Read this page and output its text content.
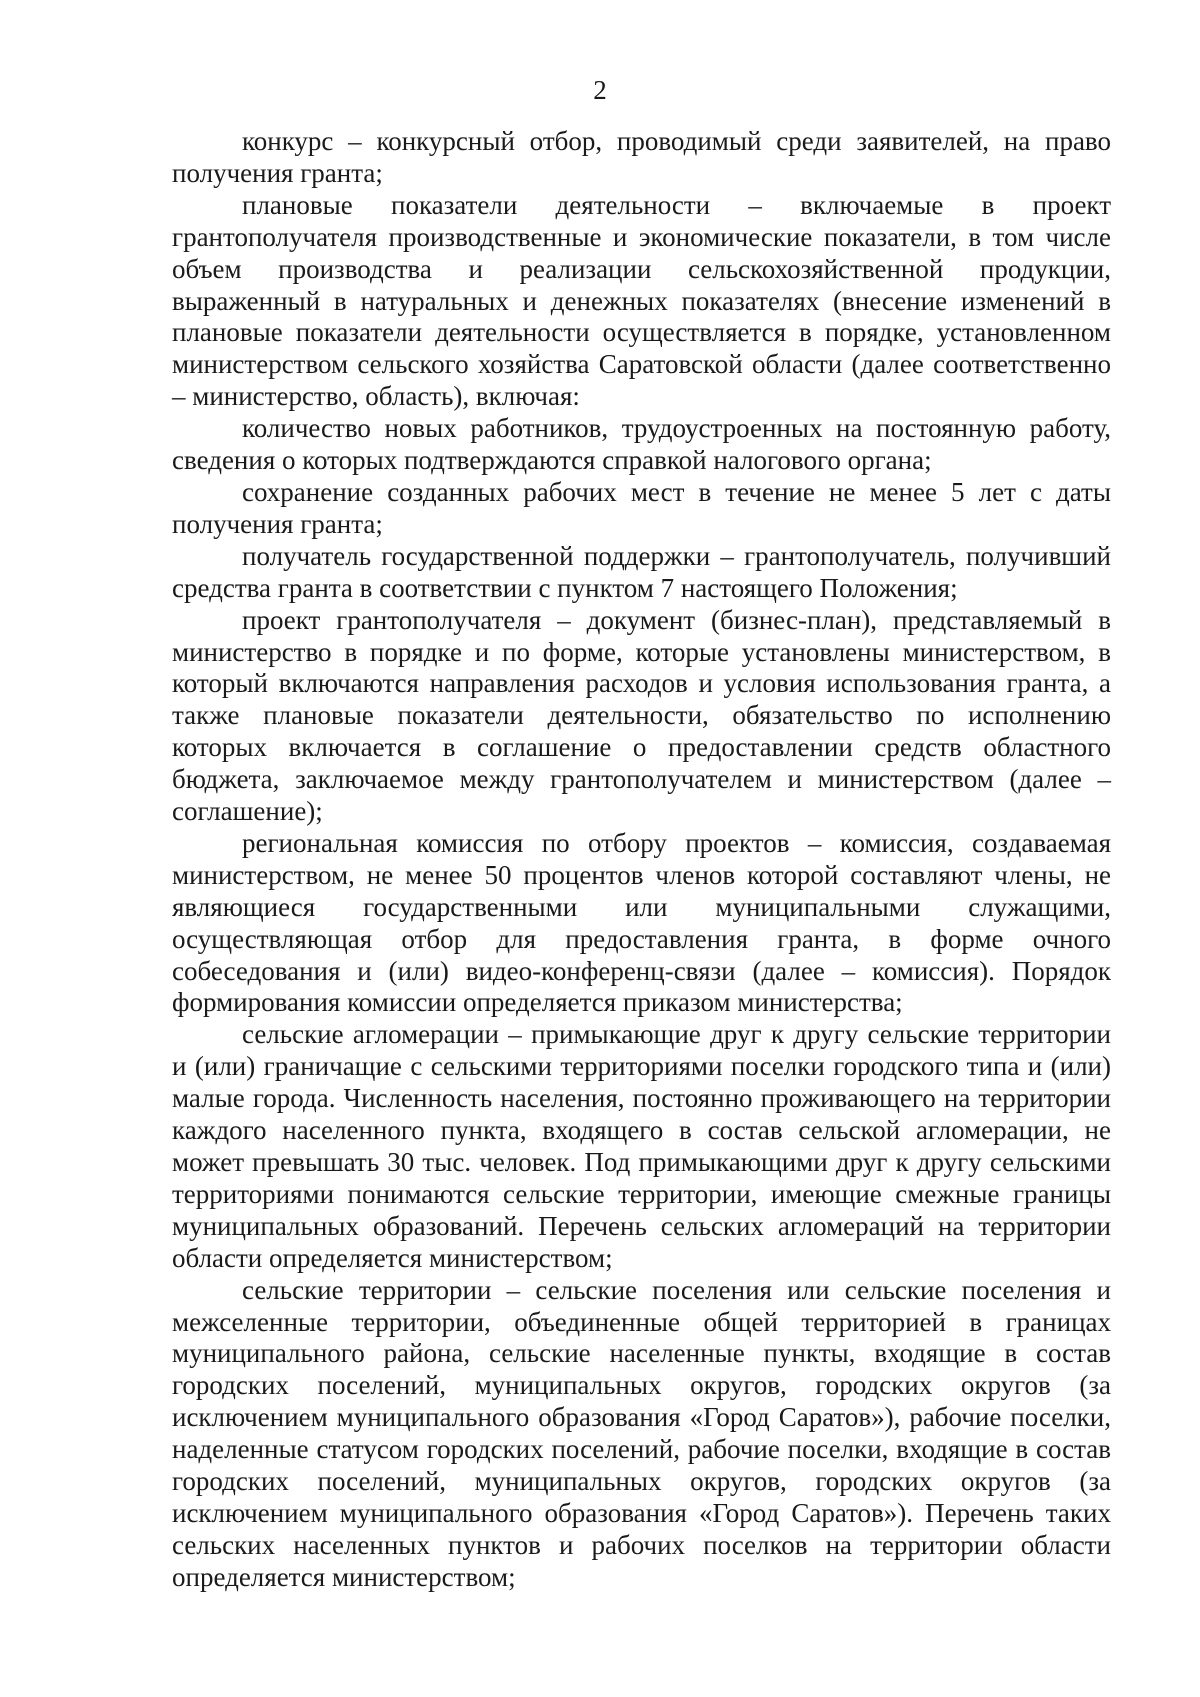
2

конкурс – конкурсный отбор, проводимый среди заявителей, на право получения гранта;

плановые показатели деятельности – включаемые в проект грантополучателя производственные и экономические показатели, в том числе объем производства и реализации сельскохозяйственной продукции, выраженный в натуральных и денежных показателях (внесение изменений в плановые показатели деятельности осуществляется в порядке, установленном министерством сельского хозяйства Саратовской области (далее соответственно – министерство, область), включая:

количество новых работников, трудоустроенных на постоянную работу, сведения о которых подтверждаются справкой налогового органа;

сохранение созданных рабочих мест в течение не менее 5 лет с даты получения гранта;

получатель государственной поддержки – грантополучатель, получивший средства гранта в соответствии с пунктом 7 настоящего Положения;

проект грантополучателя – документ (бизнес-план), представляемый в министерство в порядке и по форме, которые установлены министерством, в который включаются направления расходов и условия использования гранта, а также плановые показатели деятельности, обязательство по исполнению которых включается в соглашение о предоставлении средств областного бюджета, заключаемое между грантополучателем и министерством (далее – соглашение);

региональная комиссия по отбору проектов – комиссия, создаваемая министерством, не менее 50 процентов членов которой составляют члены, не являющиеся государственными или муниципальными служащими, осуществляющая отбор для предоставления гранта, в форме очного собеседования и (или) видео-конференц-связи (далее – комиссия). Порядок формирования комиссии определяется приказом министерства;

сельские агломерации – примыкающие друг к другу сельские территории и (или) граничащие с сельскими территориями поселки городского типа и (или) малые города. Численность населения, постоянно проживающего на территории каждого населенного пункта, входящего в состав сельской агломерации, не может превышать 30 тыс. человек. Под примыкающими друг к другу сельскими территориями понимаются сельские территории, имеющие смежные границы муниципальных образований. Перечень сельских агломераций на территории области определяется министерством;

сельские территории – сельские поселения или сельские поселения и межселенные территории, объединенные общей территорией в границах муниципального района, сельские населенные пункты, входящие в состав городских поселений, муниципальных округов, городских округов (за исключением муниципального образования «Город Саратов»), рабочие поселки, наделенные статусом городских поселений, рабочие поселки, входящие в состав городских поселений, муниципальных округов, городских округов (за исключением муниципального образования «Город Саратов»). Перечень таких сельских населенных пунктов и рабочих поселков на территории области определяется министерством;
